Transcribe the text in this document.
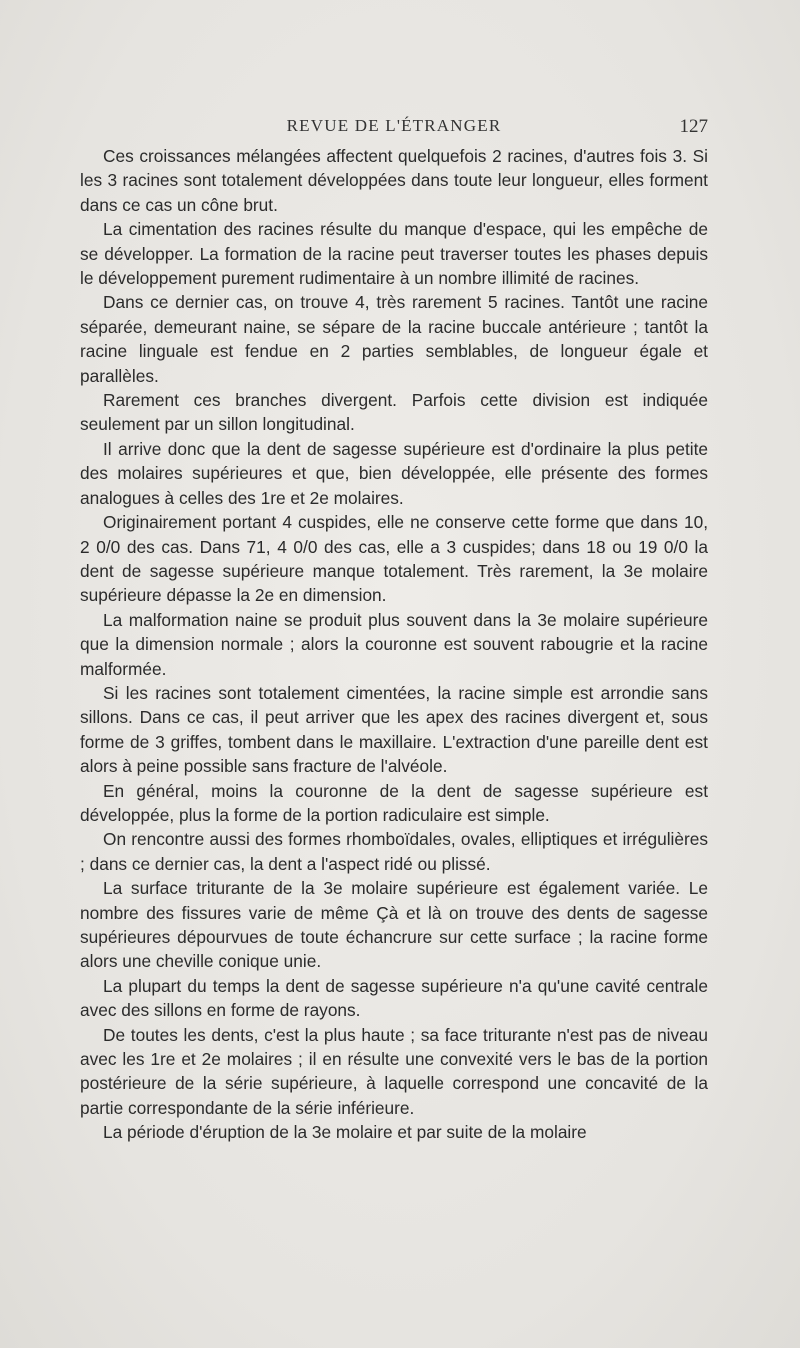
REVUE DE L'ÉTRANGER	127

Ces croissances mélangées affectent quelquefois 2 racines, d'autres fois 3. Si les 3 racines sont totalement développées dans toute leur longueur, elles forment dans ce cas un cône brut.

La cimentation des racines résulte du manque d'espace, qui les empêche de se développer. La formation de la racine peut traverser toutes les phases depuis le développement purement rudimentaire à un nombre illimité de racines.

Dans ce dernier cas, on trouve 4, très rarement 5 racines. Tantôt une racine séparée, demeurant naine, se sépare de la racine buccale antérieure ; tantôt la racine linguale est fendue en 2 parties semblables, de longueur égale et parallèles.

Rarement ces branches divergent. Parfois cette division est indiquée seulement par un sillon longitudinal.

Il arrive donc que la dent de sagesse supérieure est d'ordinaire la plus petite des molaires supérieures et que, bien développée, elle présente des formes analogues à celles des 1re et 2e molaires.

Originairement portant 4 cuspides, elle ne conserve cette forme que dans 10, 2 0/0 des cas. Dans 71, 4 0/0 des cas, elle a 3 cuspides; dans 18 ou 19 0/0 la dent de sagesse supérieure manque totalement. Très rarement, la 3e molaire supérieure dépasse la 2e en dimension.

La malformation naine se produit plus souvent dans la 3e molaire supérieure que la dimension normale ; alors la couronne est souvent rabougrie et la racine malformée.

Si les racines sont totalement cimentées, la racine simple est arrondie sans sillons. Dans ce cas, il peut arriver que les apex des racines divergent et, sous forme de 3 griffes, tombent dans le maxillaire. L'extraction d'une pareille dent est alors à peine possible sans fracture de l'alvéole.

En général, moins la couronne de la dent de sagesse supérieure est développée, plus la forme de la portion radiculaire est simple.

On rencontre aussi des formes rhomboïdales, ovales, elliptiques et irrégulières ; dans ce dernier cas, la dent a l'aspect ridé ou plissé.

La surface triturante de la 3e molaire supérieure est également variée. Le nombre des fissures varie de même Çà et là on trouve des dents de sagesse supérieures dépourvues de toute échancrure sur cette surface ; la racine forme alors une cheville conique unie.

La plupart du temps la dent de sagesse supérieure n'a qu'une cavité centrale avec des sillons en forme de rayons.

De toutes les dents, c'est la plus haute ; sa face triturante n'est pas de niveau avec les 1re et 2e molaires ; il en résulte une convexité vers le bas de la portion postérieure de la série supérieure, à laquelle correspond une concavité de la partie correspondante de la série inférieure.

La période d'éruption de la 3e molaire et par suite de la molaire
